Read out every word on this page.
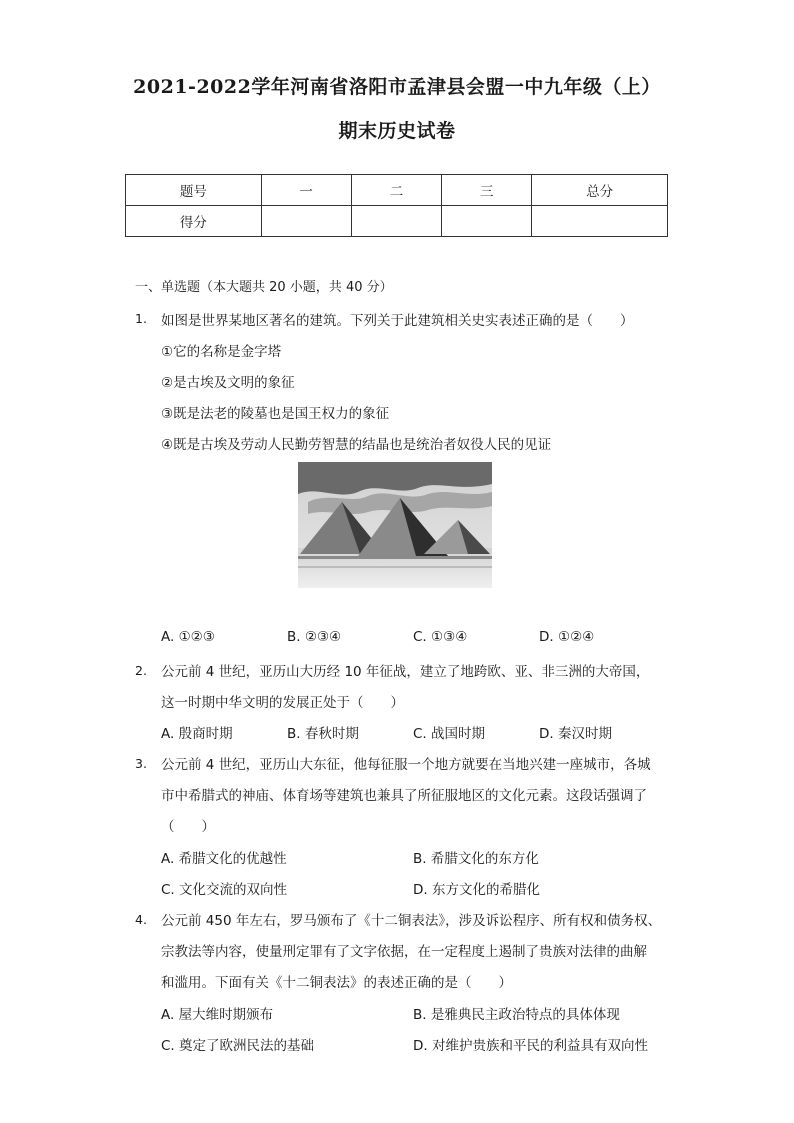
2021-2022学年河南省洛阳市孟津县会盟一中九年级（上）
期末历史试卷
题号	一	二	三	总分
得分				
一、单选题（本大题共 20 小题，共 40 分）
1. 如图是世界某地区著名的建筑。下列关于此建筑相关史实表述正确的是（　　）
①它的名称是金字塔
②是古埃及文明的象征
③既是法老的陵墓也是国王权力的象征
④既是古埃及劳动人民勤劳智慧的结晶也是统治者奴役人民的见证
A. ①②③	B. ②③④	C. ①③④	D. ①②④
2. 公元前 4 世纪，亚历山大历经 10 年征战，建立了地跨欧、亚、非三洲的大帝国，
这一时期中华文明的发展正处于（　　）
A. 殷商时期	B. 春秋时期	C. 战国时期	D. 秦汉时期
3. 公元前 4 世纪，亚历山大东征，他每征服一个地方就要在当地兴建一座城市，各城
市中希腊式的神庙、体育场等建筑也兼具了所征服地区的文化元素。这段话强调了
（　　）
A. 希腊文化的优越性	B. 希腊文化的东方化
C. 文化交流的双向性	D. 东方文化的希腊化
4. 公元前 450 年左右，罗马颁布了《十二铜表法》，涉及诉讼程序、所有权和债务权、
宗教法等内容，使量刑定罪有了文字依据，在一定程度上遏制了贵族对法律的曲解
和滥用。下面有关《十二铜表法》的表述正确的是（　　）
A. 屋大维时期颁布	B. 是雅典民主政治特点的具体体现
C. 奠定了欧洲民法的基础	D. 对维护贵族和平民的利益具有双向性
